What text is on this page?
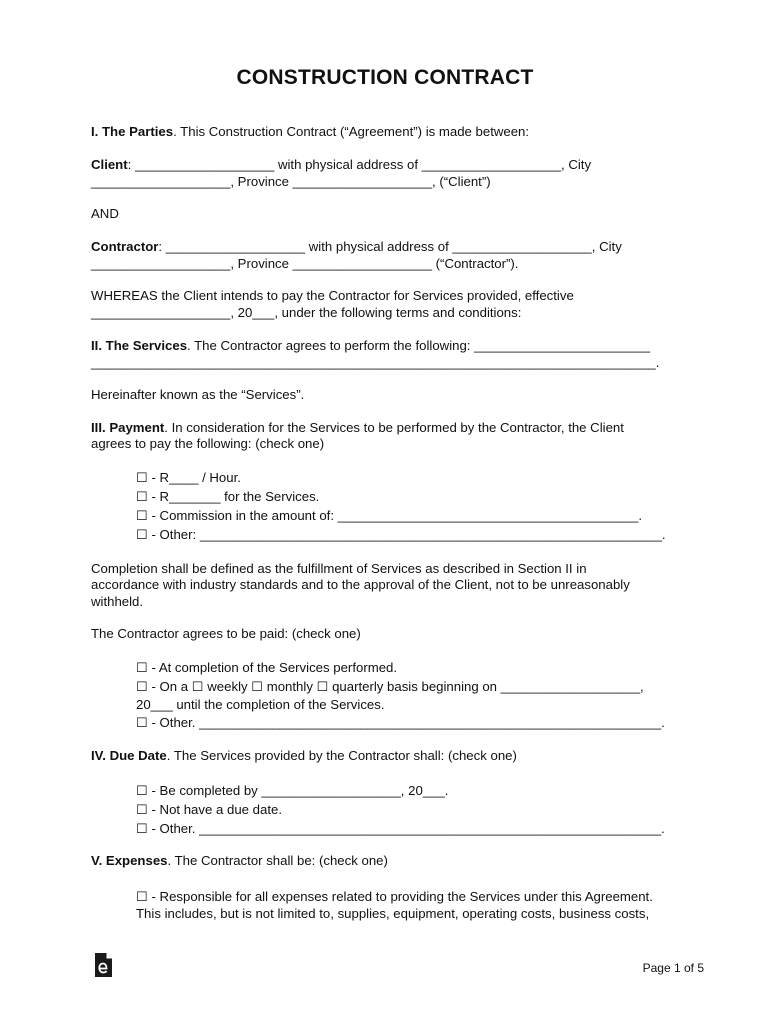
CONSTRUCTION CONTRACT
I. The Parties. This Construction Contract (“Agreement”) is made between:
Client: ___________________ with physical address of ___________________, City
___________________, Province ___________________, (“Client”)
AND
Contractor: ___________________ with physical address of ___________________, City
___________________, Province ___________________ (“Contractor”).
WHEREAS the Client intends to pay the Contractor for Services provided, effective
___________________, 20___, under the following terms and conditions:
II. The Services. The Contractor agrees to perform the following: ________________________
_____________________________________________________________________________.
Hereinafter known as the “Services”.
III. Payment. In consideration for the Services to be performed by the Contractor, the Client
agrees to pay the following: (check one)
☐ - R____ / Hour.
☐ - R_______ for the Services.
☐ - Commission in the amount of: _________________________________________.
☐ - Other: _______________________________________________________________.
Completion shall be defined as the fulfillment of Services as described in Section II in
accordance with industry standards and to the approval of the Client, not to be unreasonably
withheld.
The Contractor agrees to be paid: (check one)
☐ - At completion of the Services performed.
☐ - On a ☐ weekly ☐ monthly ☐ quarterly basis beginning on ___________________,
20___ until the completion of the Services.
☐ - Other. _______________________________________________________________.
IV. Due Date. The Services provided by the Contractor shall: (check one)
☐ - Be completed by ___________________, 20___.
☐ - Not have a due date.
☐ - Other. _______________________________________________________________.
V. Expenses. The Contractor shall be: (check one)
☐ - Responsible for all expenses related to providing the Services under this Agreement.
This includes, but is not limited to, supplies, equipment, operating costs, business costs,
Page 1 of 5
